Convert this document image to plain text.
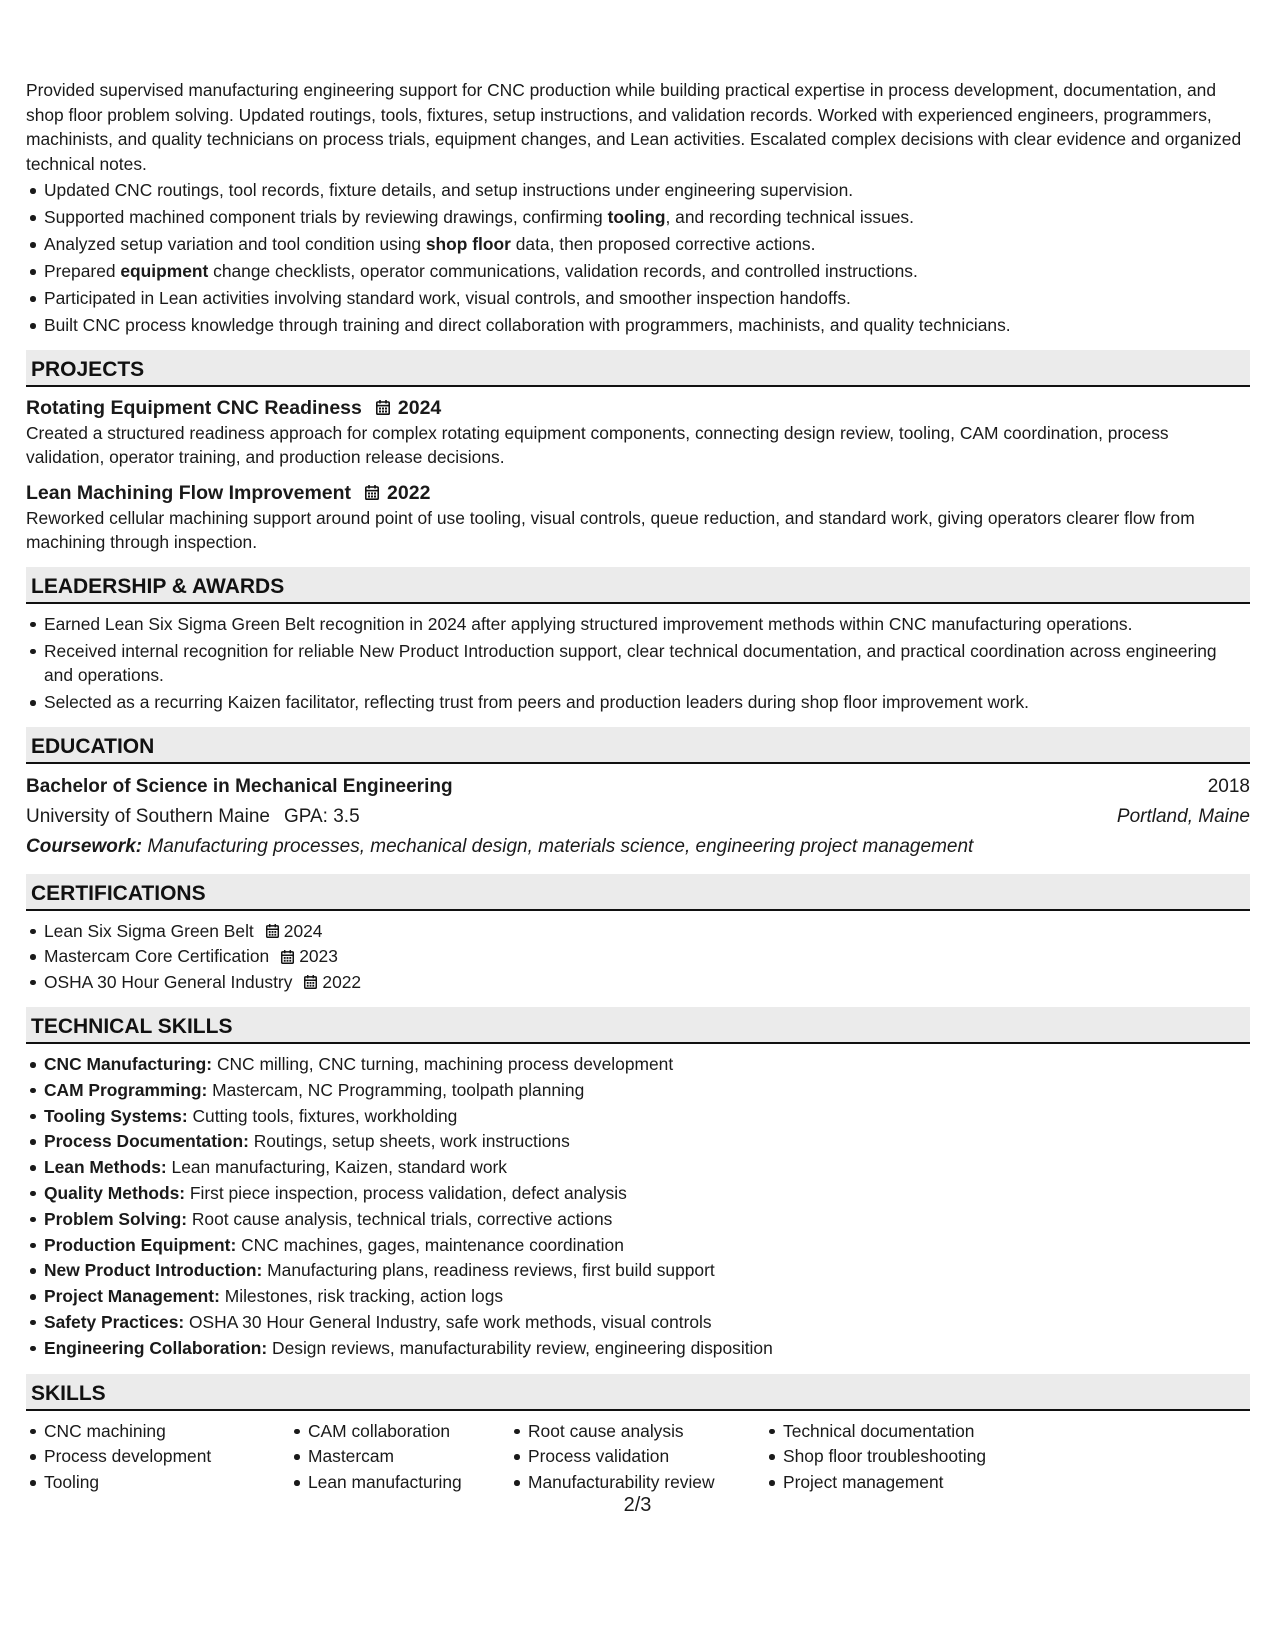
Provided supervised manufacturing engineering support for CNC production while building practical expertise in process development, documentation, and shop floor problem solving. Updated routings, tools, fixtures, setup instructions, and validation records. Worked with experienced engineers, programmers, machinists, and quality technicians on process trials, equipment changes, and Lean activities. Escalated complex decisions with clear evidence and organized technical notes.

Updated CNC routings, tool records, fixture details, and setup instructions under engineering supervision.
Supported machined component trials by reviewing drawings, confirming tooling, and recording technical issues.
Analyzed setup variation and tool condition using shop floor data, then proposed corrective actions.
Prepared equipment change checklists, operator communications, validation records, and controlled instructions.
Participated in Lean activities involving standard work, visual controls, and smoother inspection handoffs.
Built CNC process knowledge through training and direct collaboration with programmers, machinists, and quality technicians.
PROJECTS
Rotating Equipment CNC Readiness 2024
Created a structured readiness approach for complex rotating equipment components, connecting design review, tooling, CAM coordination, process validation, operator training, and production release decisions.
Lean Machining Flow Improvement 2022
Reworked cellular machining support around point of use tooling, visual controls, queue reduction, and standard work, giving operators clearer flow from machining through inspection.
LEADERSHIP & AWARDS
Earned Lean Six Sigma Green Belt recognition in 2024 after applying structured improvement methods within CNC manufacturing operations.
Received internal recognition for reliable New Product Introduction support, clear technical documentation, and practical coordination across engineering and operations.
Selected as a recurring Kaizen facilitator, reflecting trust from peers and production leaders during shop floor improvement work.
EDUCATION
Bachelor of Science in Mechanical Engineering	2018
University of Southern Maine GPA: 3.5	Portland, Maine
Coursework: Manufacturing processes, mechanical design, materials science, engineering project management
CERTIFICATIONS
Lean Six Sigma Green Belt 2024
Mastercam Core Certification 2023
OSHA 30 Hour General Industry 2022
TECHNICAL SKILLS
CNC Manufacturing: CNC milling, CNC turning, machining process development
CAM Programming: Mastercam, NC Programming, toolpath planning
Tooling Systems: Cutting tools, fixtures, workholding
Process Documentation: Routings, setup sheets, work instructions
Lean Methods: Lean manufacturing, Kaizen, standard work
Quality Methods: First piece inspection, process validation, defect analysis
Problem Solving: Root cause analysis, technical trials, corrective actions
Production Equipment: CNC machines, gages, maintenance coordination
New Product Introduction: Manufacturing plans, readiness reviews, first build support
Project Management: Milestones, risk tracking, action logs
Safety Practices: OSHA 30 Hour General Industry, safe work methods, visual controls
Engineering Collaboration: Design reviews, manufacturability review, engineering disposition
SKILLS
CNC machining
Process development
Tooling
CAM collaboration
Mastercam
Lean manufacturing
Root cause analysis
Process validation
Manufacturability review
Technical documentation
Shop floor troubleshooting
Project management
2/3
